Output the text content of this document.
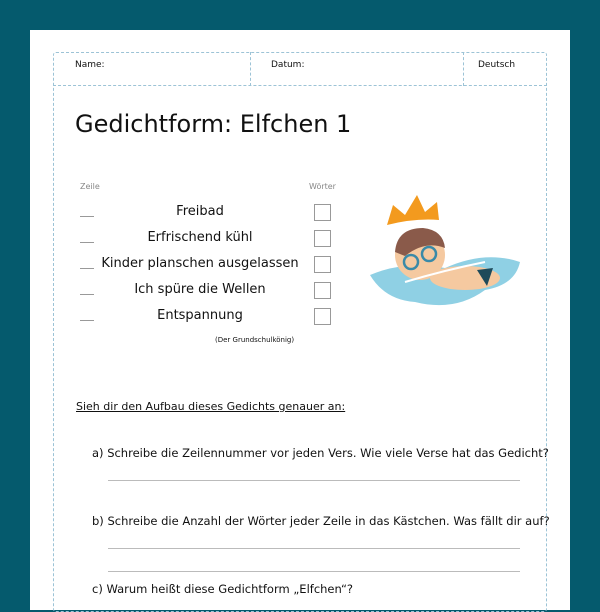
Name:	Datum:	Deutsch
Gedichtform: Elfchen 1
Zeile	Wörter
Freibad
Erfrischend kühl
Kinder planschen ausgelassen
Ich spüre die Wellen
Entspannung
(Der Grundschulkönig)
Sieh dir den Aufbau dieses Gedichts genauer an:
a) Schreibe die Zeilennummer vor jeden Vers. Wie viele Verse hat das Gedicht?
b) Schreibe die Anzahl der Wörter jeder Zeile in das Kästchen. Was fällt dir auf?
c) Warum heißt diese Gedichtform „Elfchen“?
